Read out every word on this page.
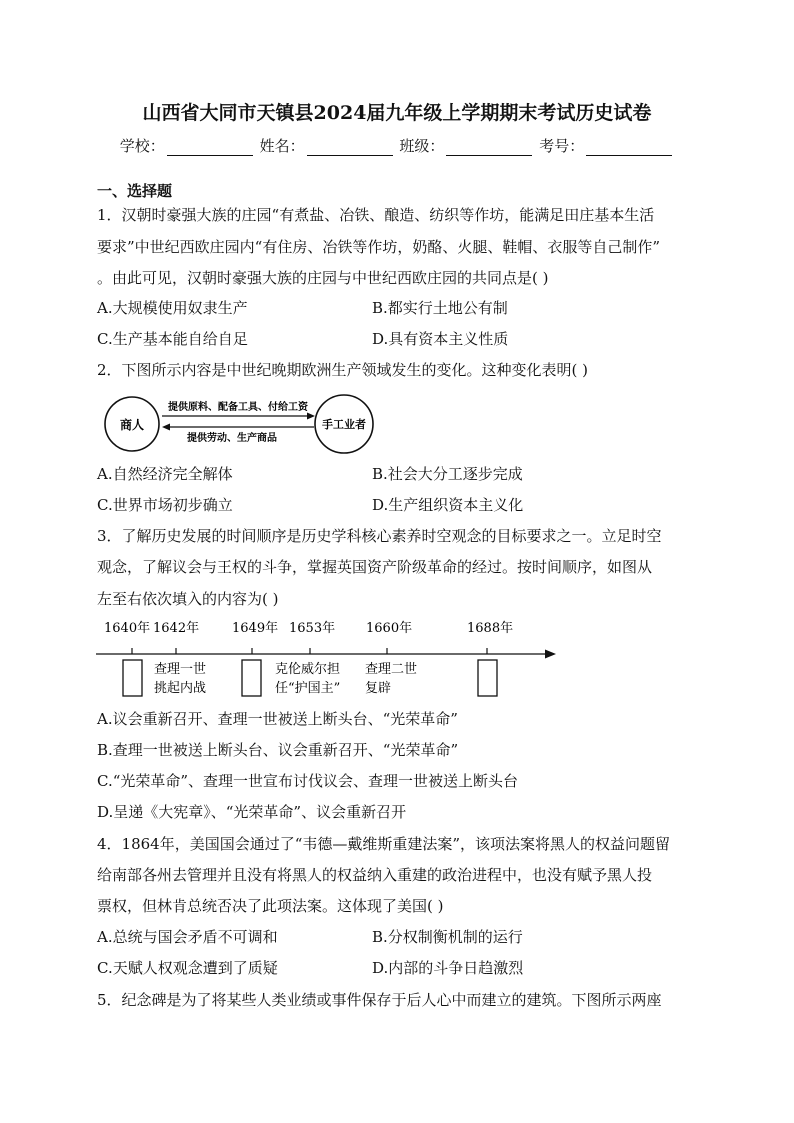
山西省大同市天镇县2024届九年级上学期期末考试历史试卷
学校：	姓名：	班级：	考号：
一、选择题
1．汉朝时豪强大族的庄园“有煮盐、冶铁、酿造、纺织等作坊，能满足田庄基本生活
要求”中世纪西欧庄园内“有住房、冶铁等作坊，奶酪、火腿、鞋帽、衣服等自己制作”
。由此可见，汉朝时豪强大族的庄园与中世纪西欧庄园的共同点是( )
A.大规模使用奴隶生产	B.都实行土地公有制
C.生产基本能自给自足	D.具有资本主义性质
2．下图所示内容是中世纪晚期欧洲生产领域发生的变化。这种变化表明( )
商人	手工业者
提供原料、配备工具、付给工资
提供劳动、生产商品
A.自然经济完全解体	B.社会大分工逐步完成
C.世界市场初步确立	D.生产组织资本主义化
3．了解历史发展的时间顺序是历史学科核心素养时空观念的目标要求之一。立足时空
观念，了解议会与王权的斗争，掌握英国资产阶级革命的经过。按时间顺序，如图从
左至右依次填入的内容为( )
1640年 1642年	1649年 1653年 1660年	1688年
查理一世
挑起内战
克伦威尔担
任“护国主”
查理二世
复辟
A.议会重新召开、查理一世被送上断头台、“光荣革命”
B.查理一世被送上断头台、议会重新召开、“光荣革命”
C.“光荣革命”、查理一世宣布讨伐议会、查理一世被送上断头台
D.呈递《大宪章》、“光荣革命”、议会重新召开
4．1864年，美国国会通过了“韦德—戴维斯重建法案”，该项法案将黑人的权益问题留
给南部各州去管理并且没有将黑人的权益纳入重建的政治进程中，也没有赋予黑人投
票权，但林肯总统否决了此项法案。这体现了美国( )
A.总统与国会矛盾不可调和	B.分权制衡机制的运行
C.天赋人权观念遭到了质疑	D.内部的斗争日趋激烈
5．纪念碑是为了将某些人类业绩或事件保存于后人心中而建立的建筑。下图所示两座
